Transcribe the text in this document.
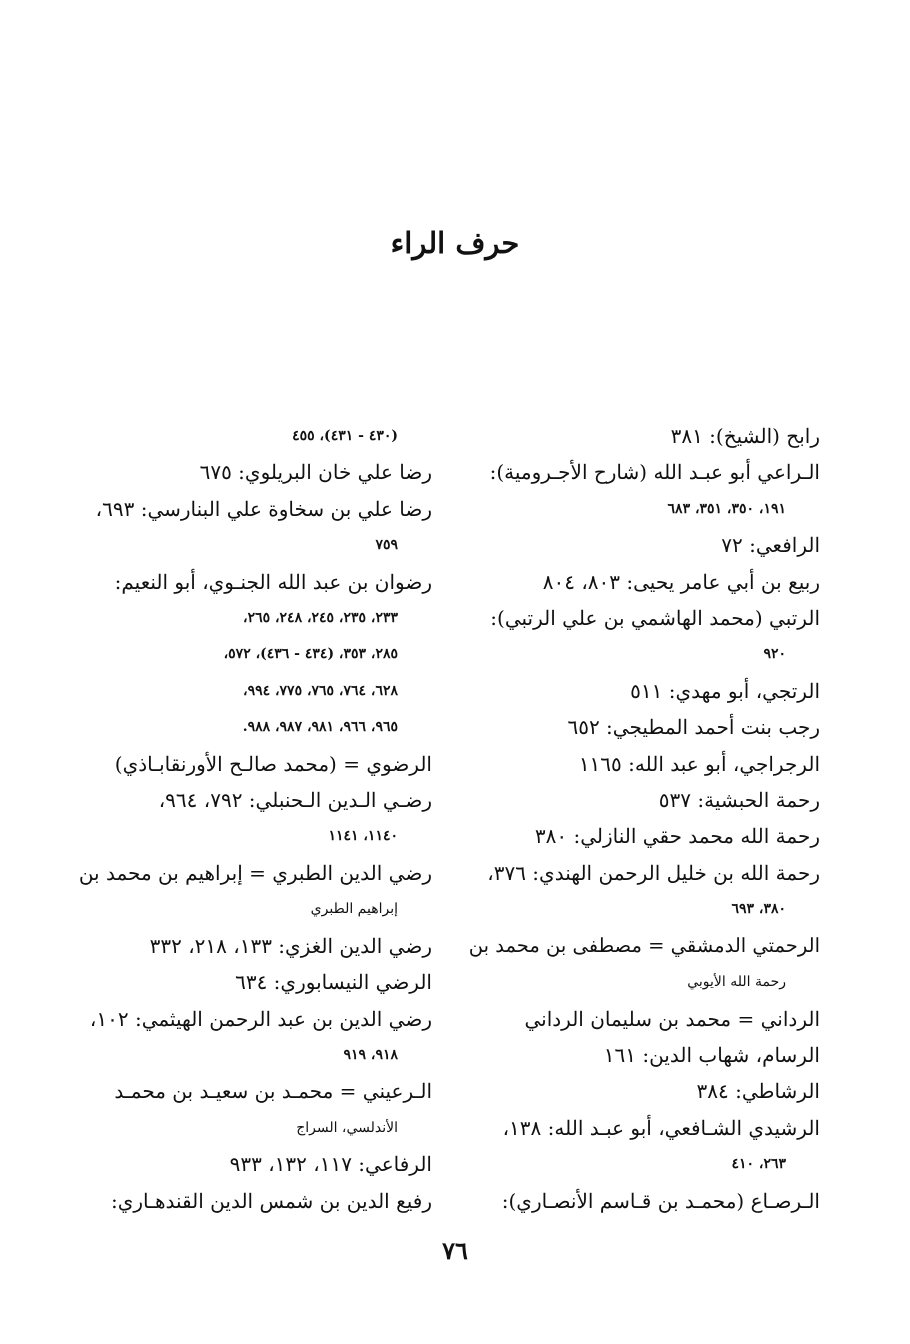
حرف الراء
رابح (الشيخ): ٣٨١
الـراعي أبو عبـد الله (شارح الأجـرومية):
١٩١، ٣٥٠، ٣٥١، ٦٨٣
الرافعي: ٧٢
ربيع بن أبي عامر يحيى: ٨٠٣، ٨٠٤
الرتبي (محمد الهاشمي بن علي الرتبي):
٩٢٠
الرتجي، أبو مهدي: ٥١١
رجب بنت أحمد المطيجي: ٦٥٢
الرجراجي، أبو عبد الله: ١١٦٥
رحمة الحبشية: ٥٣٧
رحمة الله محمد حقي النازلي: ٣٨٠
رحمة الله بن خليل الرحمن الهندي: ٣٧٦،
٣٨٠، ٦٩٣
الرحمتي الدمشقي = مصطفى بن محمد بن
رحمة الله الأيوبي
الرداني = محمد بن سليمان الرداني
الرسام، شهاب الدين: ١٦١
الرشاطي: ٣٨٤
الرشيدي الشـافعي، أبو عبـد الله: ١٣٨،
٢٦٣، ٤١٠
الـرصـاع (محمـد بن قـاسم الأنصـاري):
(٤٣٠ - ٤٣١)، ٤٥٥
رضا علي خان البريلوي: ٦٧٥
رضا علي بن سخاوة علي البنارسي: ٦٩٣،
٧٥٩
رضوان بن عبد الله الجنـوي، أبو النعيم:
٢٣٣، ٢٣٥، ٢٤٥، ٢٤٨، ٢٦٥،
٢٨٥، ٣٥٣، (٤٣٤ - ٤٣٦)، ٥٧٢،
٦٢٨، ٧٦٤، ٧٦٥، ٧٧٥، ٩٩٤،
٩٦٥، ٩٦٦، ٩٨١، ٩٨٧، ٩٨٨.
الرضوي = (محمد صالـح الأورنقابـاذي)
رضـي الـدين الـحنبلي: ٧٩٢، ٩٦٤،
١١٤٠، ١١٤١
رضي الدين الطبري = إبراهيم بن محمد بن
إبراهيم الطبري
رضي الدين الغزي: ١٣٣، ٢١٨، ٣٣٢
الرضي النيسابوري: ٦٣٤
رضي الدين بن عبد الرحمن الهيثمي: ١٠٢،
٩١٨، ٩١٩
الـرعيني = محمـد بن سعيـد بن محمـد
الأندلسي، السراج
الرفاعي: ١١٧، ١٣٢، ٩٣٣
رفيع الدين بن شمس الدين القندهـاري:
٧٦
